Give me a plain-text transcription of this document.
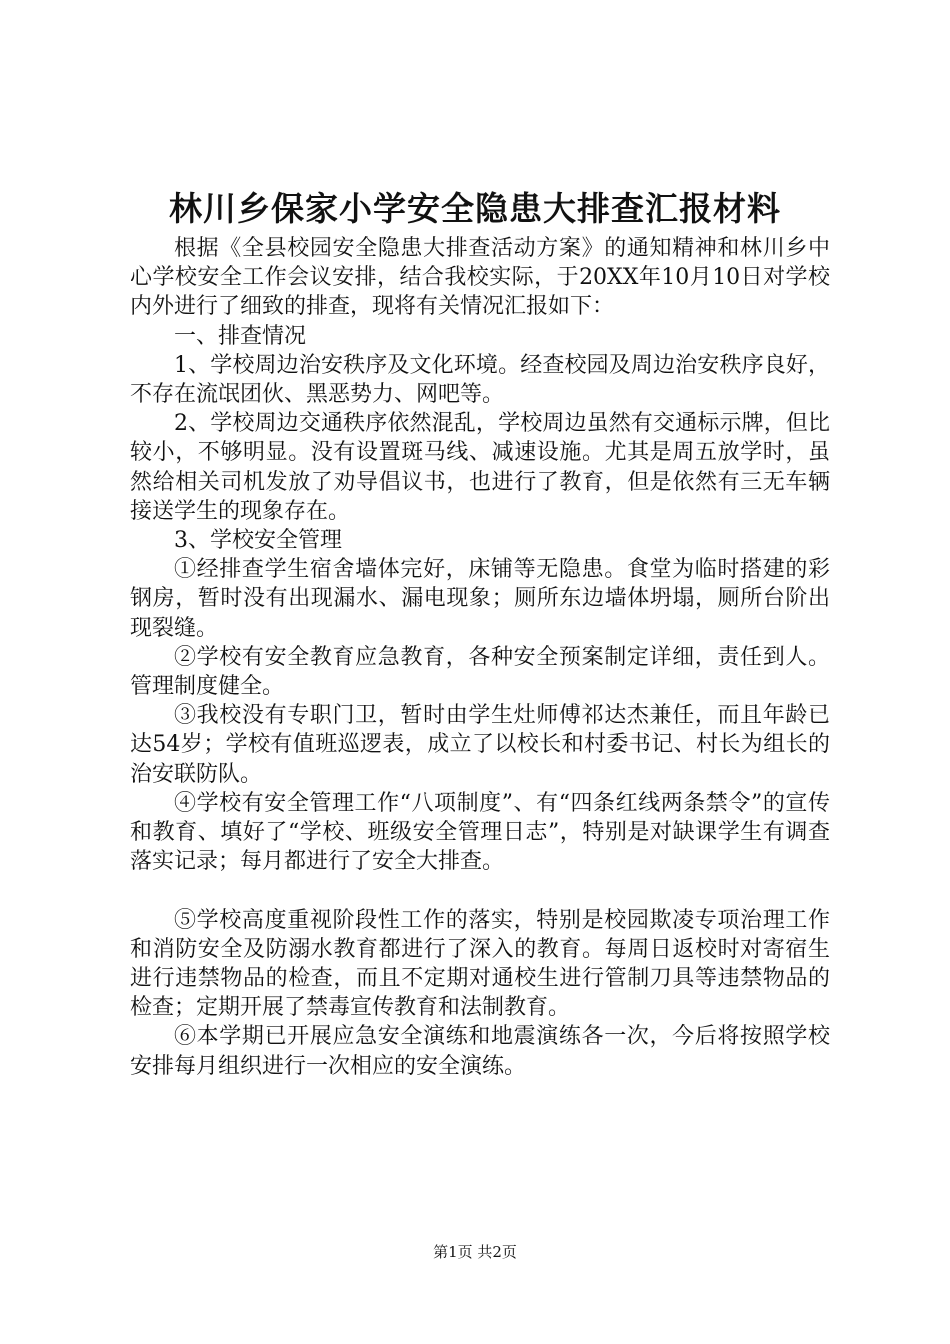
林川乡保家小学安全隐患大排查汇报材料

根据《全县校园安全隐患大排查活动方案》的通知精神和林川乡中心学校安全工作会议安排，结合我校实际，于20XX年10月10日对学校内外进行了细致的排查，现将有关情况汇报如下：

一、排查情况

1、学校周边治安秩序及文化环境。经查校园及周边治安秩序良好，不存在流氓团伙、黑恶势力、网吧等。

2、学校周边交通秩序依然混乱，学校周边虽然有交通标示牌，但比较小，不够明显。没有设置斑马线、减速设施。尤其是周五放学时，虽然给相关司机发放了劝导倡议书，也进行了教育，但是依然有三无车辆接送学生的现象存在。

3、学校安全管理

①经排查学生宿舍墙体完好，床铺等无隐患。食堂为临时搭建的彩钢房，暂时没有出现漏水、漏电现象；厕所东边墙体坍塌，厕所台阶出现裂缝。

②学校有安全教育应急教育，各种安全预案制定详细，责任到人。管理制度健全。

③我校没有专职门卫，暂时由学生灶师傅祁达杰兼任，而且年龄已达54岁；学校有值班巡逻表，成立了以校长和村委书记、村长为组长的治安联防队。

④学校有安全管理工作“八项制度”、有“四条红线两条禁令”的宣传和教育、填好了“学校、班级安全管理日志”，特别是对缺课学生有调查落实记录；每月都进行了安全大排查。

⑤学校高度重视阶段性工作的落实，特别是校园欺凌专项治理工作和消防安全及防溺水教育都进行了深入的教育。每周日返校时对寄宿生进行违禁物品的检查，而且不定期对通校生进行管制刀具等违禁物品的检查；定期开展了禁毒宣传教育和法制教育。

⑥本学期已开展应急安全演练和地震演练各一次，今后将按照学校安排每月组织进行一次相应的安全演练。

第1页 共2页
